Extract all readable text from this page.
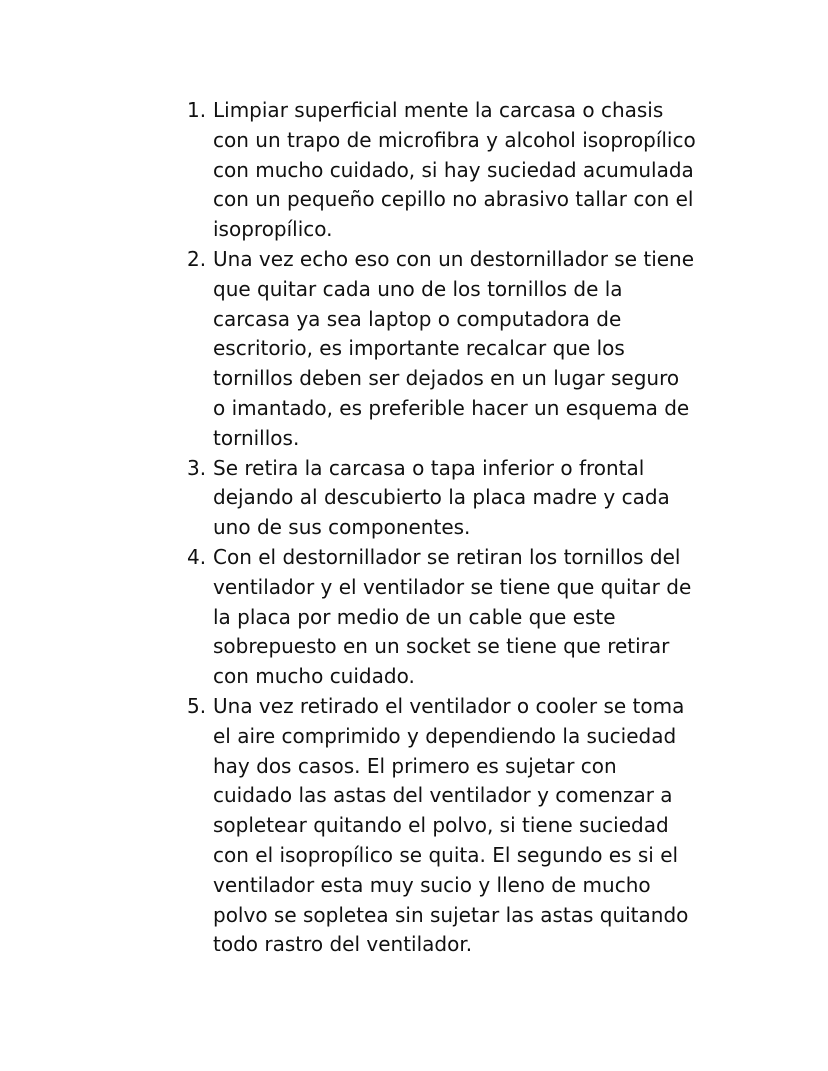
1. Limpiar superficial mente la carcasa o chasis
con un trapo de microfibra y alcohol isopropílico
con mucho cuidado, si hay suciedad acumulada
con un pequeño cepillo no abrasivo tallar con el
isopropílico.
2. Una vez echo eso con un destornillador se tiene
que quitar cada uno de los tornillos de la
carcasa ya sea laptop o computadora de
escritorio, es importante recalcar que los
tornillos deben ser dejados en un lugar seguro
o imantado, es preferible hacer un esquema de
tornillos.
3. Se retira la carcasa o tapa inferior o frontal
dejando al descubierto la placa madre y cada
uno de sus componentes.
4. Con el destornillador se retiran los tornillos del
ventilador y el ventilador se tiene que quitar de
la placa por medio de un cable que este
sobrepuesto en un socket se tiene que retirar
con mucho cuidado.
5. Una vez retirado el ventilador o cooler se toma
el aire comprimido y dependiendo la suciedad
hay dos casos. El primero es sujetar con
cuidado las astas del ventilador y comenzar a
sopletear quitando el polvo, si tiene suciedad
con el isopropílico se quita. El segundo es si el
ventilador esta muy sucio y lleno de mucho
polvo se sopletea sin sujetar las astas quitando
todo rastro del ventilador.
